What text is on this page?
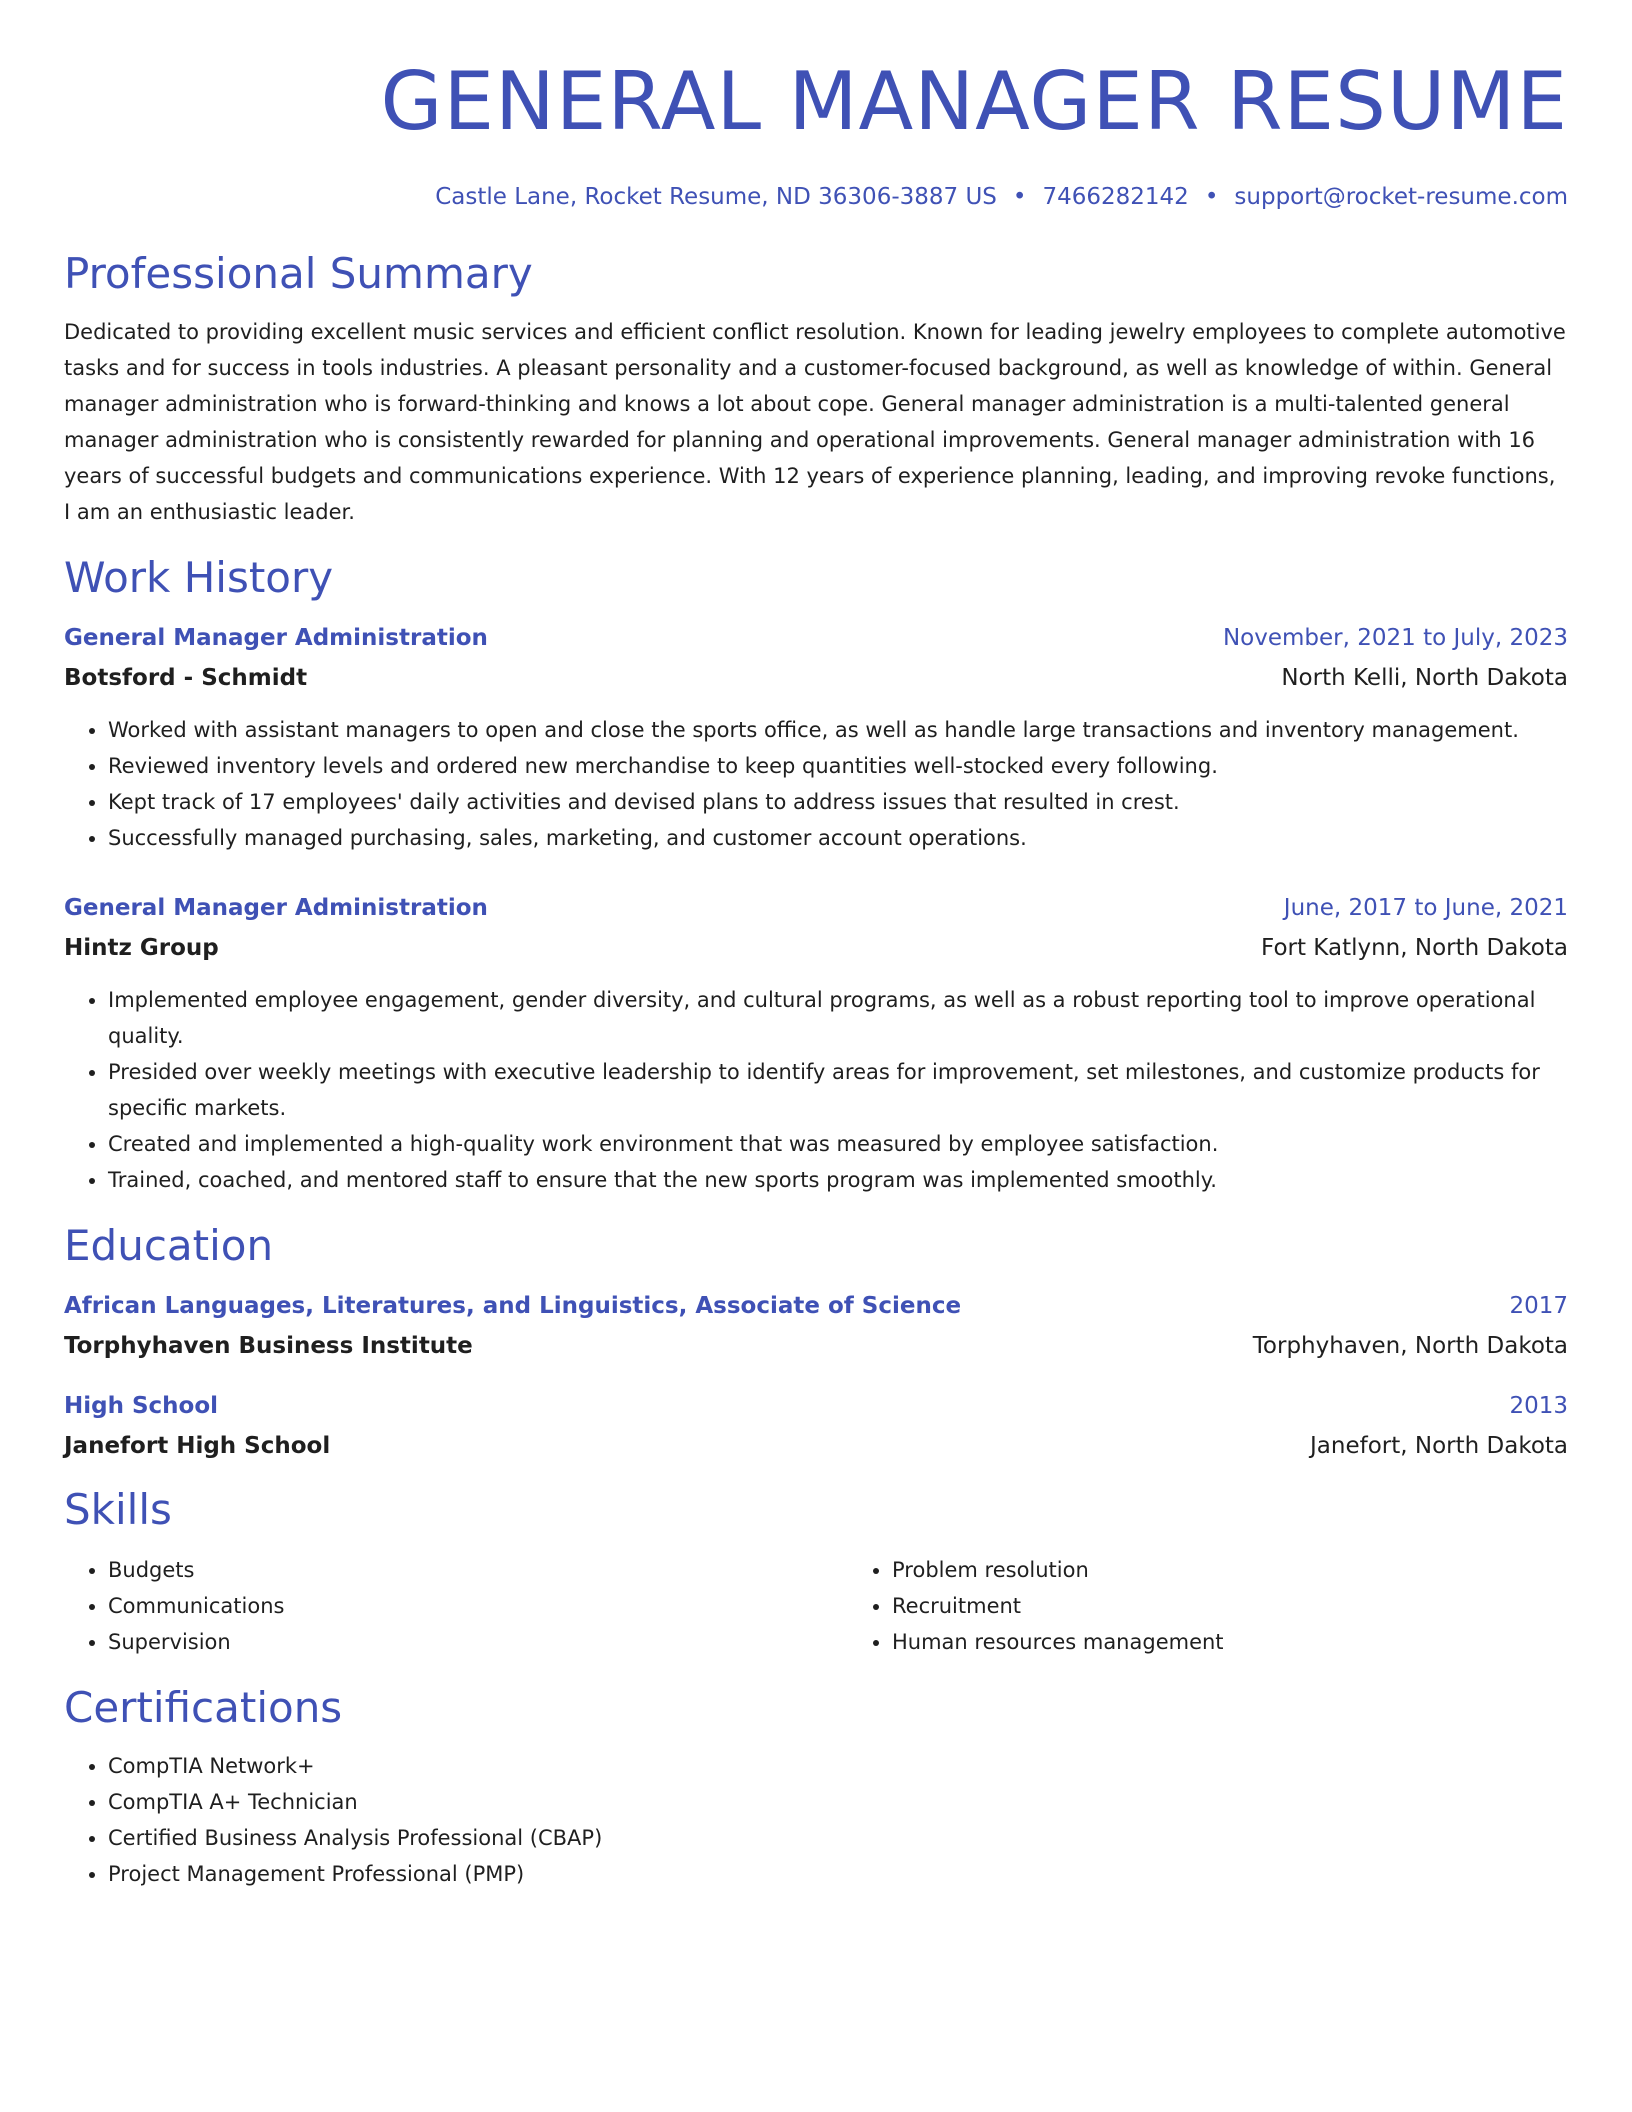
GENERAL MANAGER RESUME
Castle Lane, Rocket Resume, ND 36306-3887 US • 7466282142 • support@rocket-resume.com
Professional Summary
Dedicated to providing excellent music services and efficient conflict resolution. Known for leading jewelry employees to complete automotive tasks and for success in tools industries. A pleasant personality and a customer-focused background, as well as knowledge of within. General manager administration who is forward-thinking and knows a lot about cope. General manager administration is a multi-talented general manager administration who is consistently rewarded for planning and operational improvements. General manager administration with 16 years of successful budgets and communications experience. With 12 years of experience planning, leading, and improving revoke functions, I am an enthusiastic leader.
Work History
General Manager Administration	November, 2021 to July, 2023
Botsford - Schmidt	North Kelli, North Dakota
• Worked with assistant managers to open and close the sports office, as well as handle large transactions and inventory management.
• Reviewed inventory levels and ordered new merchandise to keep quantities well-stocked every following.
• Kept track of 17 employees' daily activities and devised plans to address issues that resulted in crest.
• Successfully managed purchasing, sales, marketing, and customer account operations.
General Manager Administration	June, 2017 to June, 2021
Hintz Group	Fort Katlynn, North Dakota
• Implemented employee engagement, gender diversity, and cultural programs, as well as a robust reporting tool to improve operational quality.
• Presided over weekly meetings with executive leadership to identify areas for improvement, set milestones, and customize products for specific markets.
• Created and implemented a high-quality work environment that was measured by employee satisfaction.
• Trained, coached, and mentored staff to ensure that the new sports program was implemented smoothly.
Education
African Languages, Literatures, and Linguistics, Associate of Science	2017
Torphyhaven Business Institute	Torphyhaven, North Dakota
High School	2013
Janefort High School	Janefort, North Dakota
Skills
• Budgets
• Communications
• Supervision
• Problem resolution
• Recruitment
• Human resources management
Certifications
• CompTIA Network+
• CompTIA A+ Technician
• Certified Business Analysis Professional (CBAP)
• Project Management Professional (PMP)
